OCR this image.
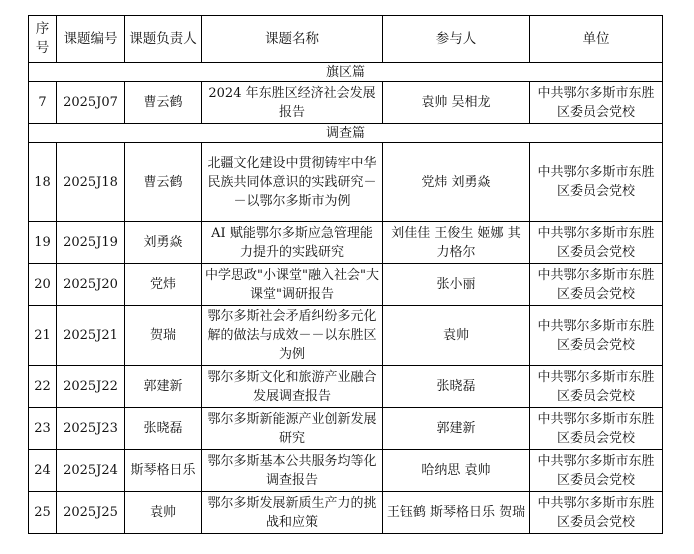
序号	课题编号	课题负责人	课题名称	参与人	单位
旗区篇					
7	2025J07	曹云鹤	2024 年东胜区经济社会发展报告	袁帅 吴相龙	中共鄂尔多斯市东胜区委员会党校
调查篇					
18	2025J18	曹云鹤	北疆文化建设中贯彻铸牢中华民族共同体意识的实践研究－－以鄂尔多斯市为例	党炜 刘勇焱	中共鄂尔多斯市东胜区委员会党校
19	2025J19	刘勇焱	AI 赋能鄂尔多斯应急管理能力提升的实践研究	刘佳佳 王俊生 姬娜 其力格尔	中共鄂尔多斯市东胜区委员会党校
20	2025J20	党炜	中学思政"小课堂"融入社会"大课堂"调研报告	张小丽	中共鄂尔多斯市东胜区委员会党校
21	2025J21	贺瑞	鄂尔多斯社会矛盾纠纷多元化解的做法与成效－－以东胜区为例	袁帅	中共鄂尔多斯市东胜区委员会党校
22	2025J22	郭建新	鄂尔多斯文化和旅游产业融合发展调查报告	张晓磊	中共鄂尔多斯市东胜区委员会党校
23	2025J23	张晓磊	鄂尔多斯新能源产业创新发展研究	郭建新	中共鄂尔多斯市东胜区委员会党校
24	2025J24	斯琴格日乐	鄂尔多斯基本公共服务均等化调查报告	哈纳思 袁帅	中共鄂尔多斯市东胜区委员会党校
25	2025J25	袁帅	鄂尔多斯发展新质生产力的挑战和应策	王钰鹤 斯琴格日乐 贺瑞	中共鄂尔多斯市东胜区委员会党校
